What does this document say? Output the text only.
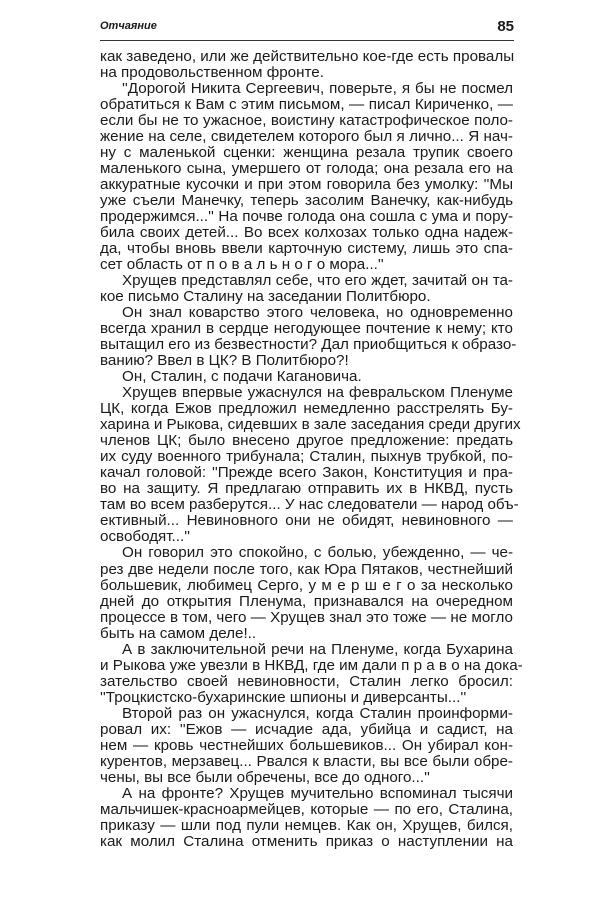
Отчаяние	85
как заведено, или же действительно кое-где есть провалы
на продовольственном фронте.
''Дорогой Никита Сергеевич, поверьте, я бы не посмел
обратиться к Вам с этим письмом, — писал Кириченко, —
если бы не то ужасное, воистину катастрофическое поло-
жение на селе, свидетелем которого был я лично... Я нач-
ну с маленькой сценки: женщина резала трупик своего
маленького сына, умершего от голода; она резала его на
аккуратные кусочки и при этом говорила без умолку: ''Мы
уже съели Манечку, теперь засолим Ванечку, как-нибудь
продержимся...'' На почве голода она сошла с ума и пору-
била своих детей... Во всех колхозах только одна надеж-
да, чтобы вновь ввели карточную систему, лишь это спа-
сет область от п о в а л ь н о г о мора...''
Хрущев представлял себе, что его ждет, зачитай он та-
кое письмо Сталину на заседании Политбюро.
Он знал коварство этого человека, но одновременно
всегда хранил в сердце негодующее почтение к нему; кто
вытащил его из безвестности? Дал приобщиться к образо-
ванию? Ввел в ЦК? В Политбюро?!
Он, Сталин, с подачи Кагановича.
Хрущев впервые ужаснулся на февральском Пленуме
ЦК, когда Ежов предложил немедленно расстрелять Бу-
харина и Рыкова, сидевших в зале заседания среди других
членов ЦК; было внесено другое предложение: предать
их суду военного трибунала; Сталин, пыхнув трубкой, по-
качал головой: ''Прежде всего Закон, Конституция и пра-
во на защиту. Я предлагаю отправить их в НКВД, пусть
там во всем разберутся... У нас следователи — народ объ-
ективный... Невиновного они не обидят, невиновного —
освободят...''
Он говорил это спокойно, с болью, убежденно, — че-
рез две недели после того, как Юра Пятаков, честнейший
большевик, любимец Серго, у м е р ш е г о за несколько
дней до открытия Пленума, признавался на очередном
процессе в том, чего — Хрущев знал это тоже — не могло
быть на самом деле!..
А в заключительной речи на Пленуме, когда Бухарина
и Рыкова уже увезли в НКВД, где им дали п р а в о на дока-
зательство своей невиновности, Сталин легко бросил:
''Троцкистско-бухаринские шпионы и диверсанты...''
Второй раз он ужаснулся, когда Сталин проинформи-
ровал их: ''Ежов — исчадие ада, убийца и садист, на
нем — кровь честнейших большевиков... Он убирал кон-
курентов, мерзавец... Рвался к власти, вы все были обре-
чены, вы все были обречены, все до одного...''
А на фронте? Хрущев мучительно вспоминал тысячи
мальчишек-красноармейцев, которые — по его, Сталина,
приказу — шли под пули немцев. Как он, Хрущев, бился,
как молил Сталина отменить приказ о наступлении на
